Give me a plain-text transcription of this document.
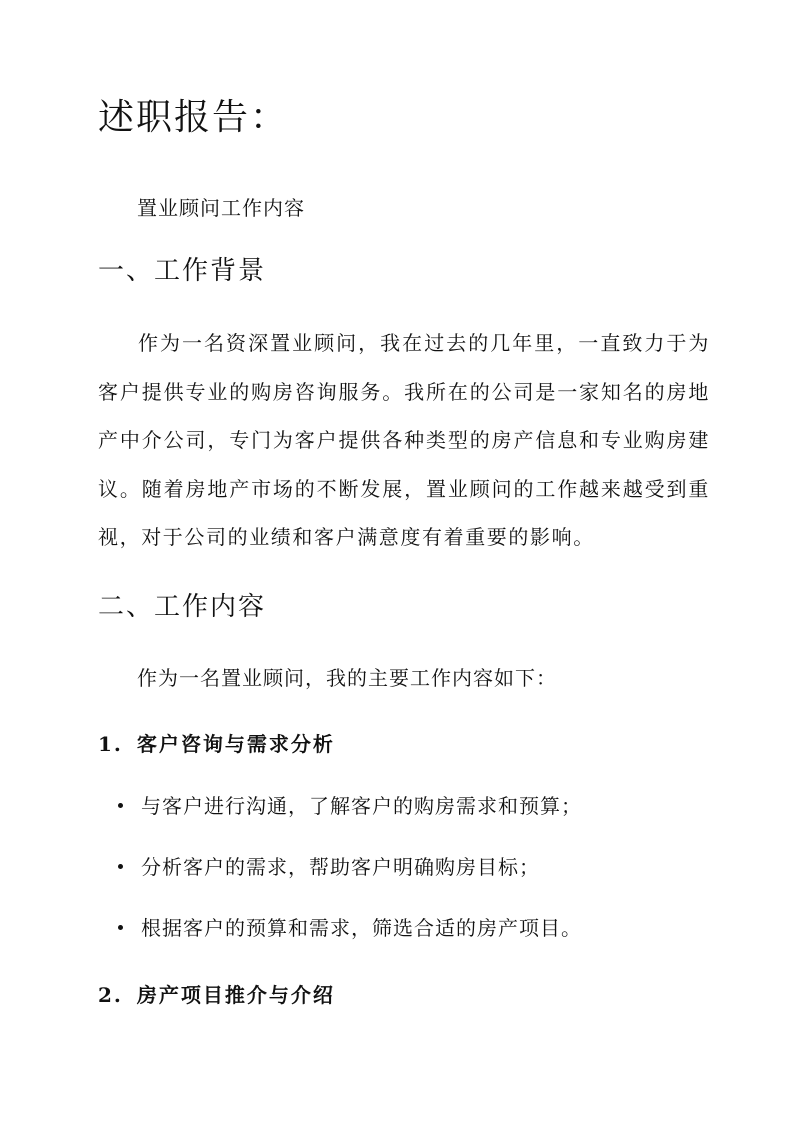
述职报告：

置业顾问工作内容

一、工作背景

作为一名资深置业顾问，我在过去的几年里，一直致力于为客户提供专业的购房咨询服务。我所在的公司是一家知名的房地产中介公司，专门为客户提供各种类型的房产信息和专业购房建议。随着房地产市场的不断发展，置业顾问的工作越来越受到重视，对于公司的业绩和客户满意度有着重要的影响。

二、工作内容

作为一名置业顾问，我的主要工作内容如下：

1. 客户咨询与需求分析
与客户进行沟通，了解客户的购房需求和预算；
分析客户的需求，帮助客户明确购房目标；
根据客户的预算和需求，筛选合适的房产项目。
2. 房产项目推介与介绍
